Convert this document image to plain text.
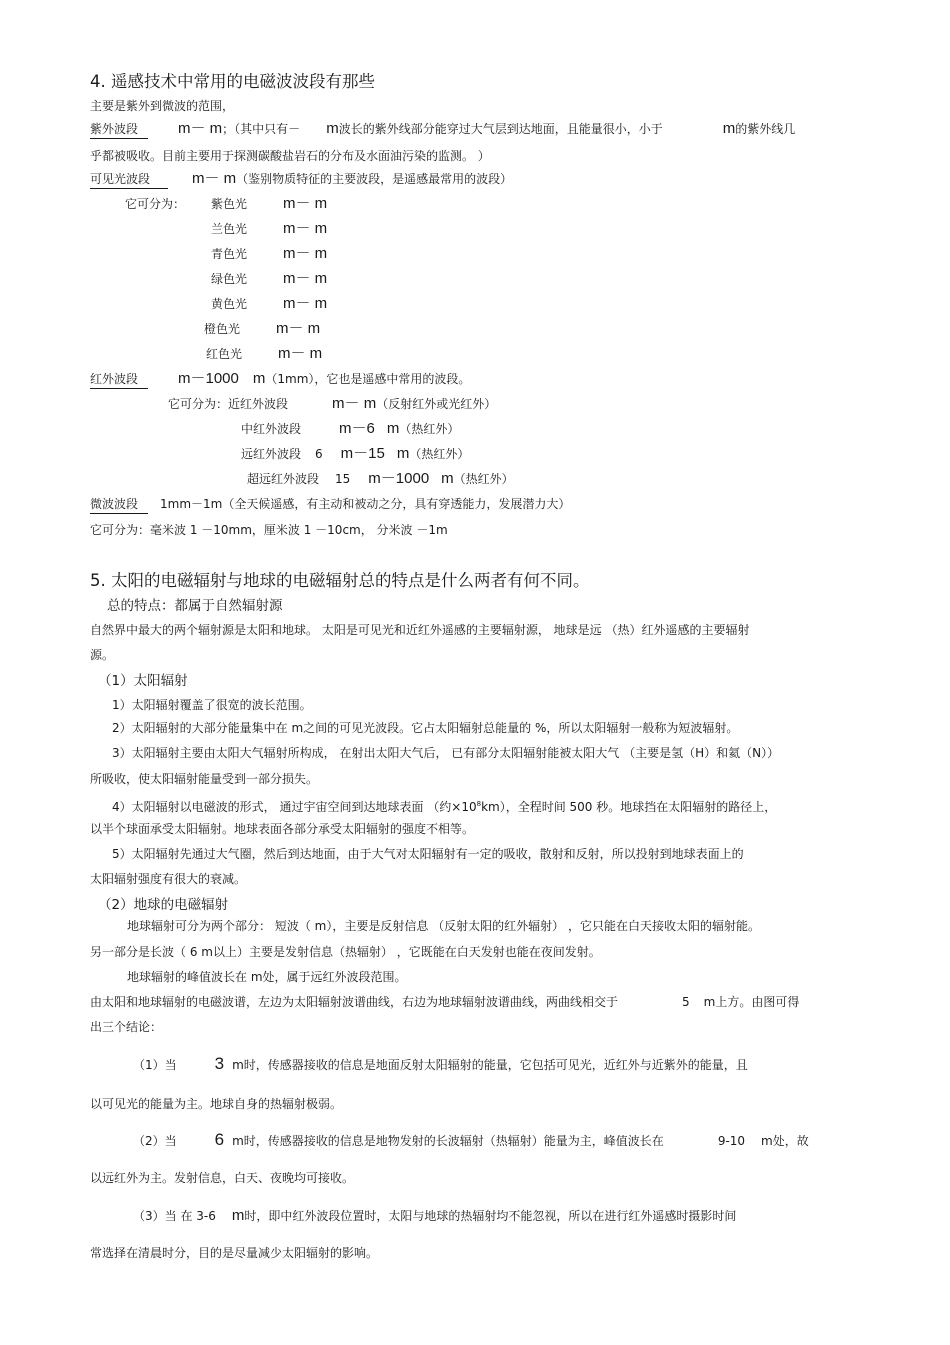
4. 遥感技术中常用的电磁波波段有那些
主要是紫外到微波的范围，
紫外波段	m－ m；（其中只有－ m波长的紫外线部分能穿过大气层到达地面，且能量很小，小于	m的紫外线几
乎都被吸收。目前主要用于探测碳酸盐岩石的分布及水面油污染的监测。 ）
可见光波段	m－ m（鉴别物质特征的主要波段，是遥感最常用的波段）
它可分为： 紫色光 m－ m
兰色光 m－ m
青色光 m－ m
绿色光 m－ m
黄色光 m－ m
橙色光 m－ m
红色光 m－ m
红外波段	m－1000 m（1mm），它也是遥感中常用的波段。
它可分为：近红外波段	m－ m（反射红外或光红外）
中红外波段	m－6 m（热红外）
远红外波段 6 m－15 m（热红外）
超远红外波段 15 m－1000 m（热红外）
微波波段 1mm－1m（全天候遥感，有主动和被动之分，具有穿透能力，发展潜力大）
它可分为：毫米波 1 －10mm，厘米波 1 －10cm， 分米波 －1m
5. 太阳的电磁辐射与地球的电磁辐射总的特点是什么两者有何不同。
总的特点：都属于自然辐射源
自然界中最大的两个辐射源是太阳和地球。 太阳是可见光和近红外遥感的主要辐射源， 地球是远 （热）红外遥感的主要辐射
源。
（1）太阳辐射
1）太阳辐射覆盖了很宽的波长范围。
2）太阳辐射的大部分能量集中在 m之间的可见光波段。它占太阳辐射总能量的 %，所以太阳辐射一般称为短波辐射。
3）太阳辐射主要由太阳大气辐射所构成， 在射出太阳大气后， 已有部分太阳辐射能被太阳大气 （主要是氢（H）和氦（N））
所吸收，使太阳辐射能量受到一部分损失。
4）太阳辐射以电磁波的形式， 通过宇宙空间到达地球表面 （约$\times 10^8km$），全程时间 500 秒。地球挡在太阳辐射的路径上，
以半个球面承受太阳辐射。地球表面各部分承受太阳辐射的强度不相等。
5）太阳辐射先通过大气圈，然后到达地面，由于大气对太阳辐射有一定的吸收，散射和反射，所以投射到地球表面上的
太阳辐射强度有很大的衰减。
（2）地球的电磁辐射
地球辐射可分为两个部分： 短波（ m），主要是反射信息 （反射太阳的红外辐射） ，它只能在白天接收太阳的辐射能。
另一部分是长波（ 6 m以上）主要是发射信息（热辐射） ，它既能在白天发射也能在夜间发射。
地球辐射的峰值波长在 m处，属于远红外波段范围。
由太阳和地球辐射的电磁波谱，左边为太阳辐射波谱曲线，右边为地球辐射波谱曲线，两曲线相交于	5 m上方。由图可得
出三个结论：
（1）当 3 m时，传感器接收的信息是地面反射太阳辐射的能量，它包括可见光，近红外与近紫外的能量，且
以可见光的能量为主。地球自身的热辐射极弱。
（2）当 6 m时，传感器接收的信息是地物发射的长波辐射（热辐射）能量为主，峰值波长在	9-10 m处，故
以远红外为主。发射信息，白天、夜晚均可接收。
（3）当 在 3-6 m时，即中红外波段位置时，太阳与地球的热辐射均不能忽视，所以在进行红外遥感时摄影时间
常选择在清晨时分，目的是尽量减少太阳辐射的影响。
